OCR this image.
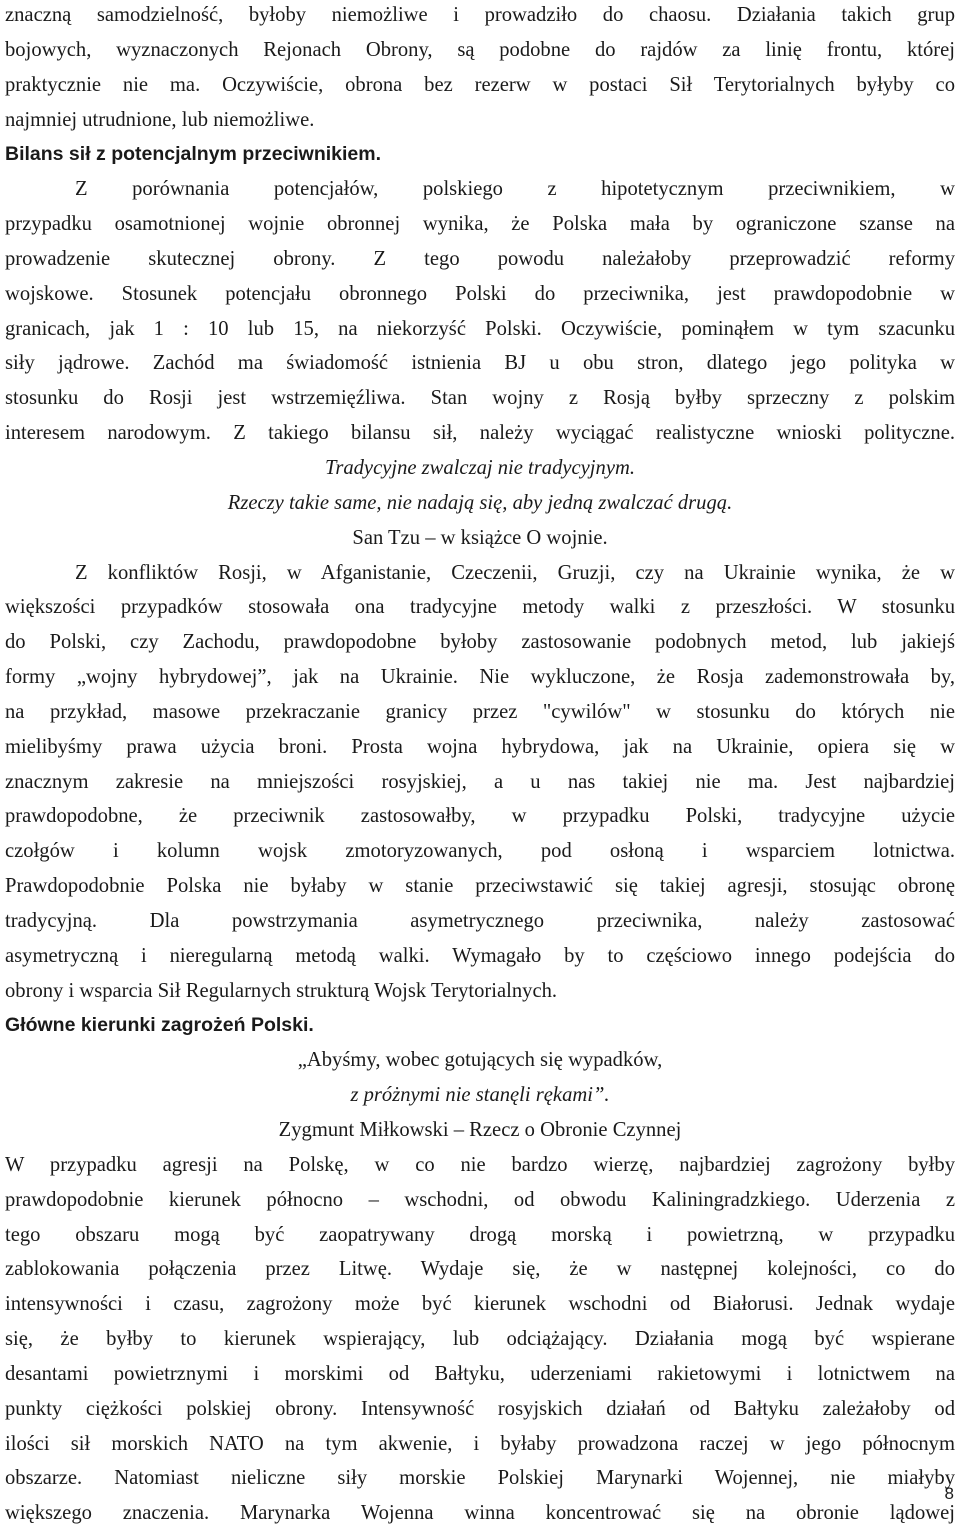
znaczną samodzielność, byłoby niemożliwe i prowadziło do chaosu. Działania takich grup

bojowych, wyznaczonych Rejonach Obrony, są podobne do rajdów za linię frontu, której

praktycznie nie ma. Oczywiście, obrona bez rezerw w postaci Sił Terytorialnych byłyby co

najmniej utrudnione, lub niemożliwe.

Bilans sił z potencjalnym przeciwnikiem.

Z porównania potencjałów, polskiego z hipotetycznym przeciwnikiem, w

przypadku osamotnionej wojnie obronnej wynika, że Polska mała by ograniczone szanse na

prowadzenie skutecznej obrony. Z tego powodu należałoby przeprowadzić reformy

wojskowe. Stosunek potencjału obronnego Polski do przeciwnika, jest prawdopodobnie w

granicach, jak 1 : 10 lub 15, na niekorzyść Polski. Oczywiście, pominąłem w tym szacunku

siły jądrowe. Zachód ma świadomość istnienia BJ u obu stron, dlatego jego polityka w

stosunku do Rosji jest wstrzemięźliwa. Stan wojny z Rosją byłby sprzeczny z polskim

interesem narodowym. Z takiego bilansu sił, należy wyciągać realistyczne wnioski polityczne.

Tradycyjne zwalczaj nie tradycyjnym.

Rzeczy takie same, nie nadają się, aby jedną zwalczać drugą.

San Tzu – w książce O wojnie.

Z konfliktów Rosji, w Afganistanie, Czeczenii, Gruzji, czy na Ukrainie wynika, że w

większości przypadków stosowała ona tradycyjne metody walki z przeszłości. W stosunku

do Polski, czy Zachodu, prawdopodobne byłoby zastosowanie podobnych metod, lub jakiejś

formy „wojny hybrydowej”, jak na Ukrainie. Nie wykluczone, że Rosja zademonstrowała by,

na przykład, masowe przekraczanie granicy przez "cywilów" w stosunku do których nie

mielibyśmy prawa użycia broni. Prosta wojna hybrydowa, jak na Ukrainie, opiera się w

znacznym zakresie na mniejszości rosyjskiej, a u nas takiej nie ma. Jest najbardziej

prawdopodobne, że przeciwnik zastosowałby, w przypadku Polski, tradycyjne użycie

czołgów i kolumn wojsk zmotoryzowanych, pod osłoną i wsparciem lotnictwa.

Prawdopodobnie Polska nie byłaby w stanie przeciwstawić się takiej agresji, stosując obronę

tradycyjną. Dla powstrzymania asymetrycznego przeciwnika, należy zastosować

asymetryczną i nieregularną metodą walki. Wymagało by to częściowo innego podejścia do

obrony i wsparcia Sił Regularnych strukturą Wojsk Terytorialnych.

Główne kierunki zagrożeń Polski.

„Abyśmy, wobec gotujących się wypadków,

z próżnymi nie stanęli rękami”.

Zygmunt Miłkowski – Rzecz o Obronie Czynnej

W przypadku agresji na Polskę, w co nie bardzo wierzę, najbardziej zagrożony byłby

prawdopodobnie kierunek północno – wschodni, od obwodu Kaliningradzkiego. Uderzenia z

tego obszaru mogą być zaopatrywany drogą morską i powietrzną, w przypadku

zablokowania połączenia przez Litwę. Wydaje się, że w następnej kolejności, co do

intensywności i czasu, zagrożony może być kierunek wschodni od Białorusi. Jednak wydaje

się, że byłby to kierunek wspierający, lub odciążający. Działania mogą być wspierane

desantami powietrznymi i morskimi od Bałtyku, uderzeniami rakietowymi i lotnictwem na

punkty ciężkości polskiej obrony. Intensywność rosyjskich działań od Bałtyku zależałoby od

ilości sił morskich NATO na tym akwenie, i byłaby prowadzona raczej w jego północnym

obszarze. Natomiast nieliczne siły morskie Polskiej Marynarki Wojennej, nie miałyby

większego znaczenia. Marynarka Wojenna winna koncentrować się na obronie lądowej

8
